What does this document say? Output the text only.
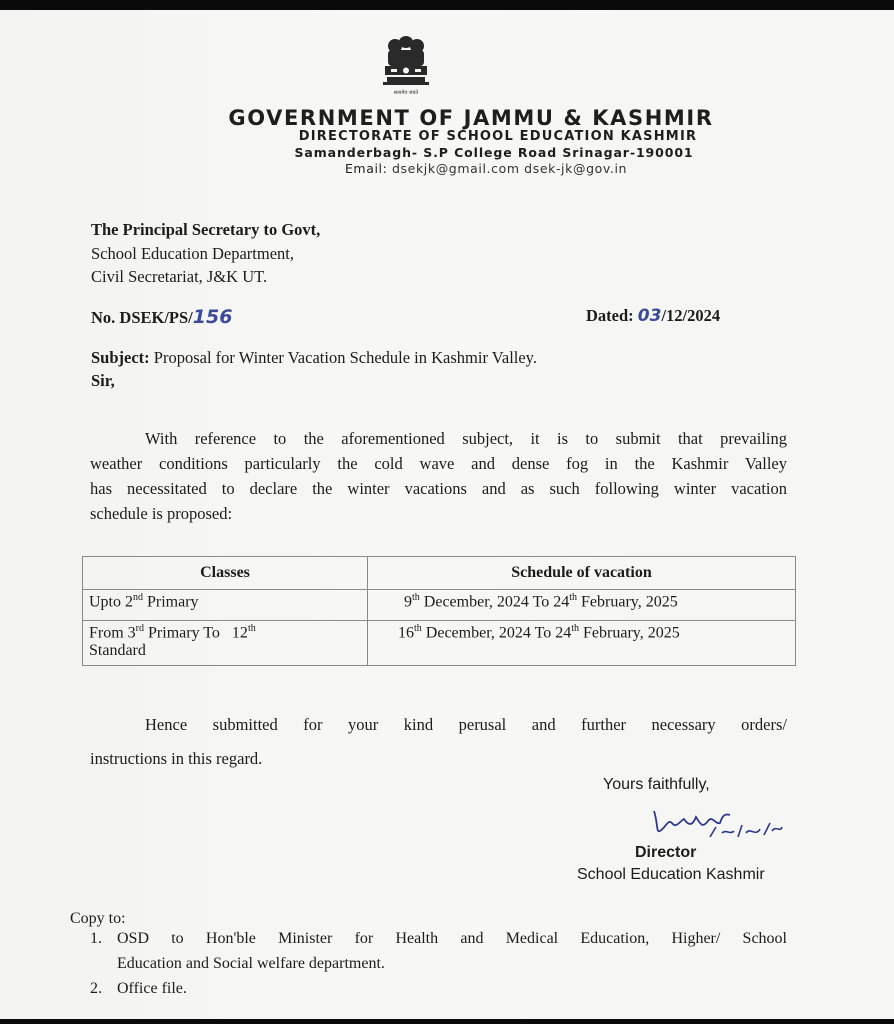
सत्यमेव जयते
GOVERNMENT OF JAMMU & KASHMIR
DIRECTORATE OF SCHOOL EDUCATION KASHMIR
Samanderbagh- S.P College Road Srinagar-190001
Email: dsekjk@gmail.com dsek-jk@gov.in
The Principal Secretary to Govt,
School Education Department,
Civil Secretariat, J&K UT.
No. DSEK/PS/156	Dated: 03/12/2024
Subject: Proposal for Winter Vacation Schedule in Kashmir Valley.
Sir,
With reference to the aforementioned subject, it is to submit that prevailing
weather conditions particularly the cold wave and dense fog in the Kashmir Valley
has necessitated to declare the winter vacations and as such following winter vacation
schedule is proposed:
Classes	Schedule of vacation
Upto 2nd Primary	9th December, 2024 To 24th February, 2025
From 3rd Primary To   12th
Standard	16th December, 2024 To 24th February, 2025
Hence submitted for your kind perusal and further necessary orders/
instructions in this regard.
Yours faithfully,
Director
School Education Kashmir
Copy to:
1. OSD to Hon'ble Minister for Health and Medical Education, Higher/ School
Education and Social welfare department.
2. Office file.
